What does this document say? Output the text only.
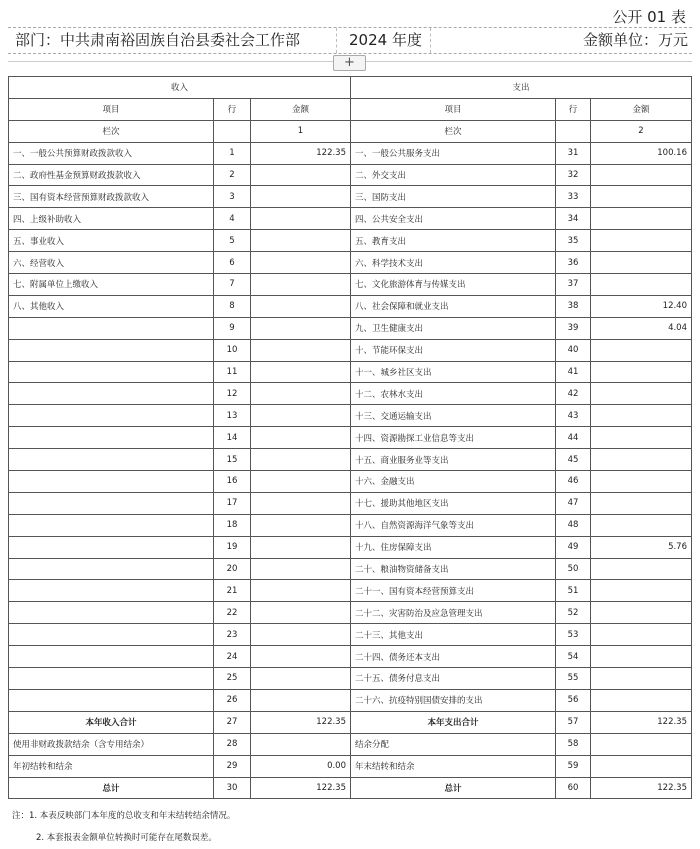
公开 01 表
部门：中共肃南裕固族自治县委社会工作部	2024 年度	金额单位：万元
+
收入			支出		
项目	行	金额	项目	行	金额
栏次		1	栏次		2
一、一般公共预算财政拨款收入	1	122.35	一、一般公共服务支出	31	100.16
二、政府性基金预算财政拨款收入	2		二、外交支出	32	
三、国有资本经营预算财政拨款收入	3		三、国防支出	33	
四、上级补助收入	4		四、公共安全支出	34	
五、事业收入	5		五、教育支出	35	
六、经营收入	6		六、科学技术支出	36	
七、附属单位上缴收入	7		七、文化旅游体育与传媒支出	37	
八、其他收入	8		八、社会保障和就业支出	38	12.40
	9		九、卫生健康支出	39	4.04
	10		十、节能环保支出	40	
	11		十一、城乡社区支出	41	
	12		十二、农林水支出	42	
	13		十三、交通运输支出	43	
	14		十四、资源勘探工业信息等支出	44	
	15		十五、商业服务业等支出	45	
	16		十六、金融支出	46	
	17		十七、援助其他地区支出	47	
	18		十八、自然资源海洋气象等支出	48	
	19		十九、住房保障支出	49	5.76
	20		二十、粮油物资储备支出	50	
	21		二十一、国有资本经营预算支出	51	
	22		二十二、灾害防治及应急管理支出	52	
	23		二十三、其他支出	53	
	24		二十四、债务还本支出	54	
	25		二十五、债务付息支出	55	
	26		二十六、抗疫特别国债安排的支出	56	
本年收入合计	27	122.35	本年支出合计	57	122.35
使用非财政拨款结余（含专用结余）	28		结余分配	58	
年初结转和结余	29	0.00	年末结转和结余	59	
总计	30	122.35	总计	60	122.35
注：1. 本表反映部门本年度的总收支和年末结转结余情况。
2. 本套报表金额单位转换时可能存在尾数误差。
